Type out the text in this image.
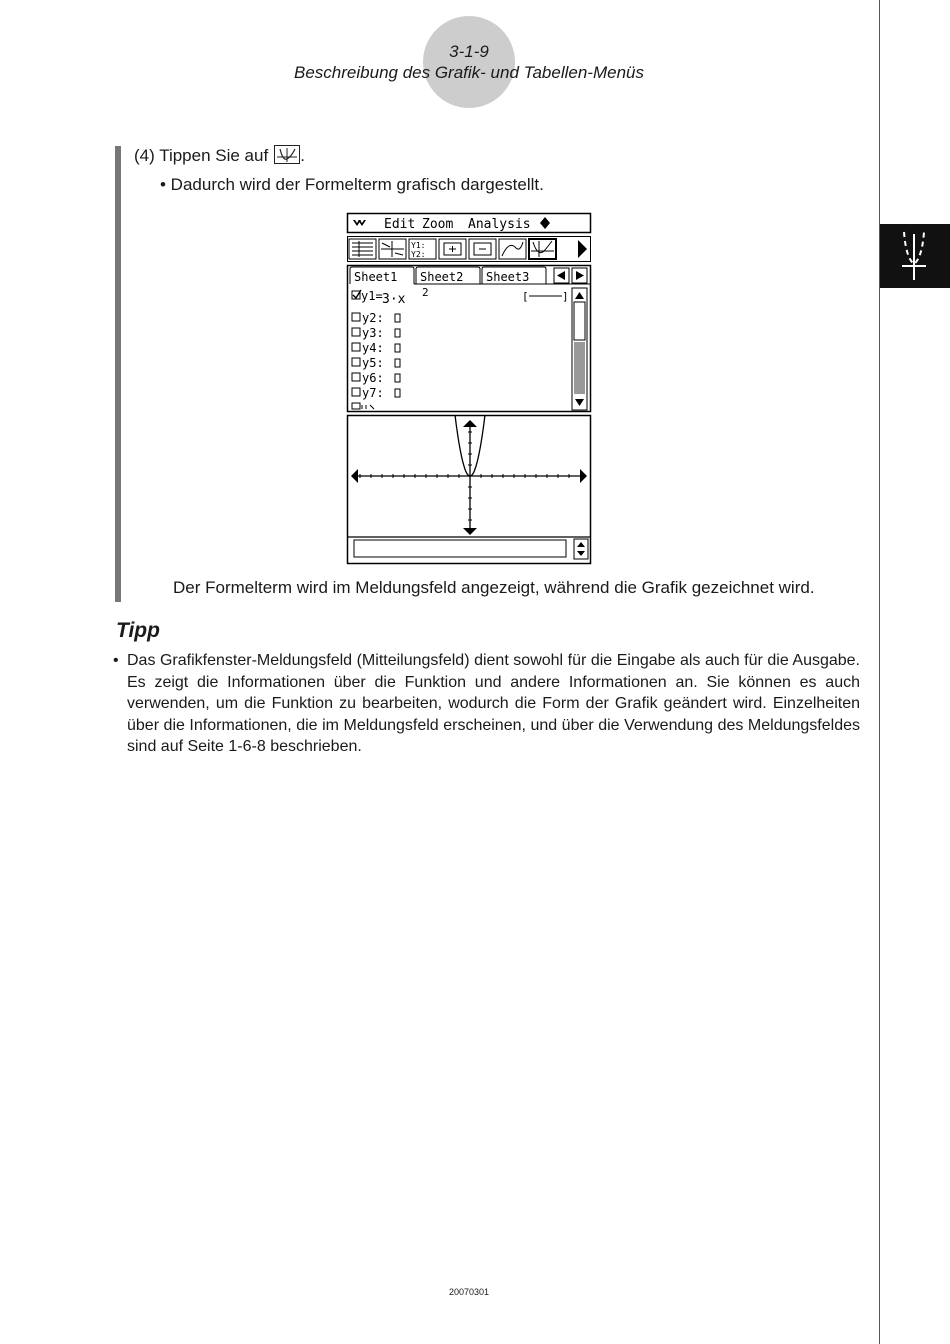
3-1-9
Beschreibung des Grafik- und Tabellen-Menüs
(4) Tippen Sie auf .
• Dadurch wird der Formelterm grafisch dargestellt.
Edit Zoom Analysis
Y1:
Y2:
Sheet1 Sheet2 Sheet3
y1= 3·x 2	[	]
y2:
y3:
y4:
y5:
y6:
y7:
Der Formelterm wird im Meldungsfeld angezeigt, während die Grafik gezeichnet wird.
Tipp
• Das Grafikfenster-Meldungsfeld (Mitteilungsfeld) dient sowohl für die Eingabe als auch für die Ausgabe. Es zeigt die Informationen über die Funktion und andere Informationen an. Sie können es auch verwenden, um die Funktion zu bearbeiten, wodurch die Form der Grafik geändert wird. Einzelheiten über die Informationen, die im Meldungsfeld erscheinen, und über die Verwendung des Meldungsfeldes sind auf Seite 1-6-8 beschrieben.
20070301
